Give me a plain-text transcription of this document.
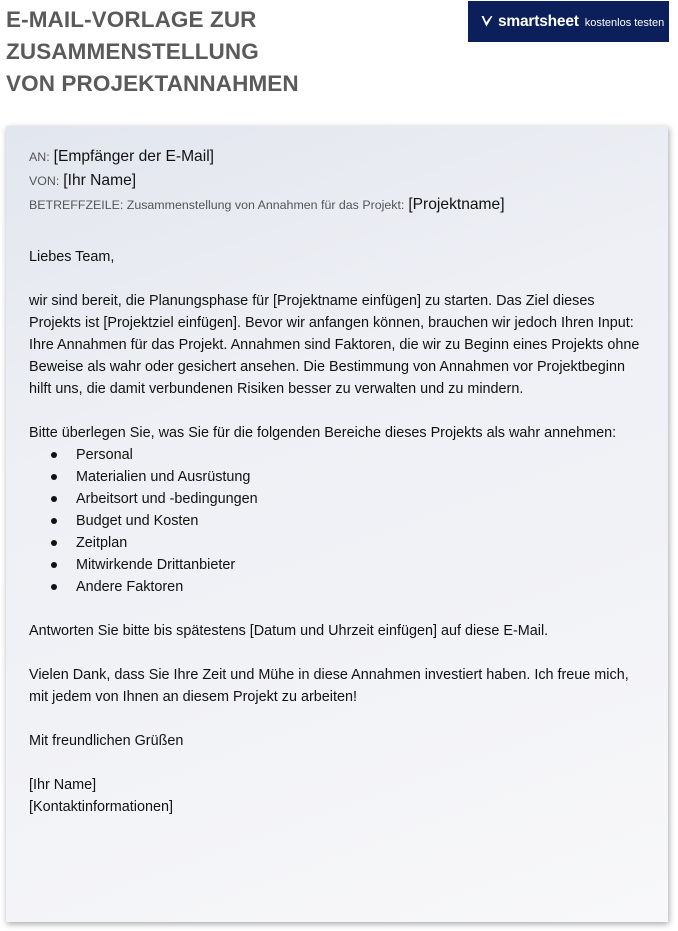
E-MAIL-VORLAGE ZUR
ZUSAMMENSTELLUNG
VON PROJEKTANNAHMEN
smartsheet kostenlos testen
AN: [Empfänger der E-Mail]
VON: [Ihr Name]
BETREFFZEILE: Zusammenstellung von Annahmen für das Projekt: [Projektname]

Liebes Team,

wir sind bereit, die Planungsphase für [Projektname einfügen] zu starten. Das Ziel dieses Projekts ist [Projektziel einfügen]. Bevor wir anfangen können, brauchen wir jedoch Ihren Input: Ihre Annahmen für das Projekt. Annahmen sind Faktoren, die wir zu Beginn eines Projekts ohne Beweise als wahr oder gesichert ansehen. Die Bestimmung von Annahmen vor Projektbeginn hilft uns, die damit verbundenen Risiken besser zu verwalten und zu mindern.

Bitte überlegen Sie, was Sie für die folgenden Bereiche dieses Projekts als wahr annehmen:

Personal
Materialien und Ausrüstung
Arbeitsort und -bedingungen
Budget und Kosten
Zeitplan
Mitwirkende Drittanbieter
Andere Faktoren

Antworten Sie bitte bis spätestens [Datum und Uhrzeit einfügen] auf diese E-Mail.

Vielen Dank, dass Sie Ihre Zeit und Mühe in diese Annahmen investiert haben. Ich freue mich, mit jedem von Ihnen an diesem Projekt zu arbeiten!

Mit freundlichen Grüßen

[Ihr Name]

[Kontaktinformationen]
